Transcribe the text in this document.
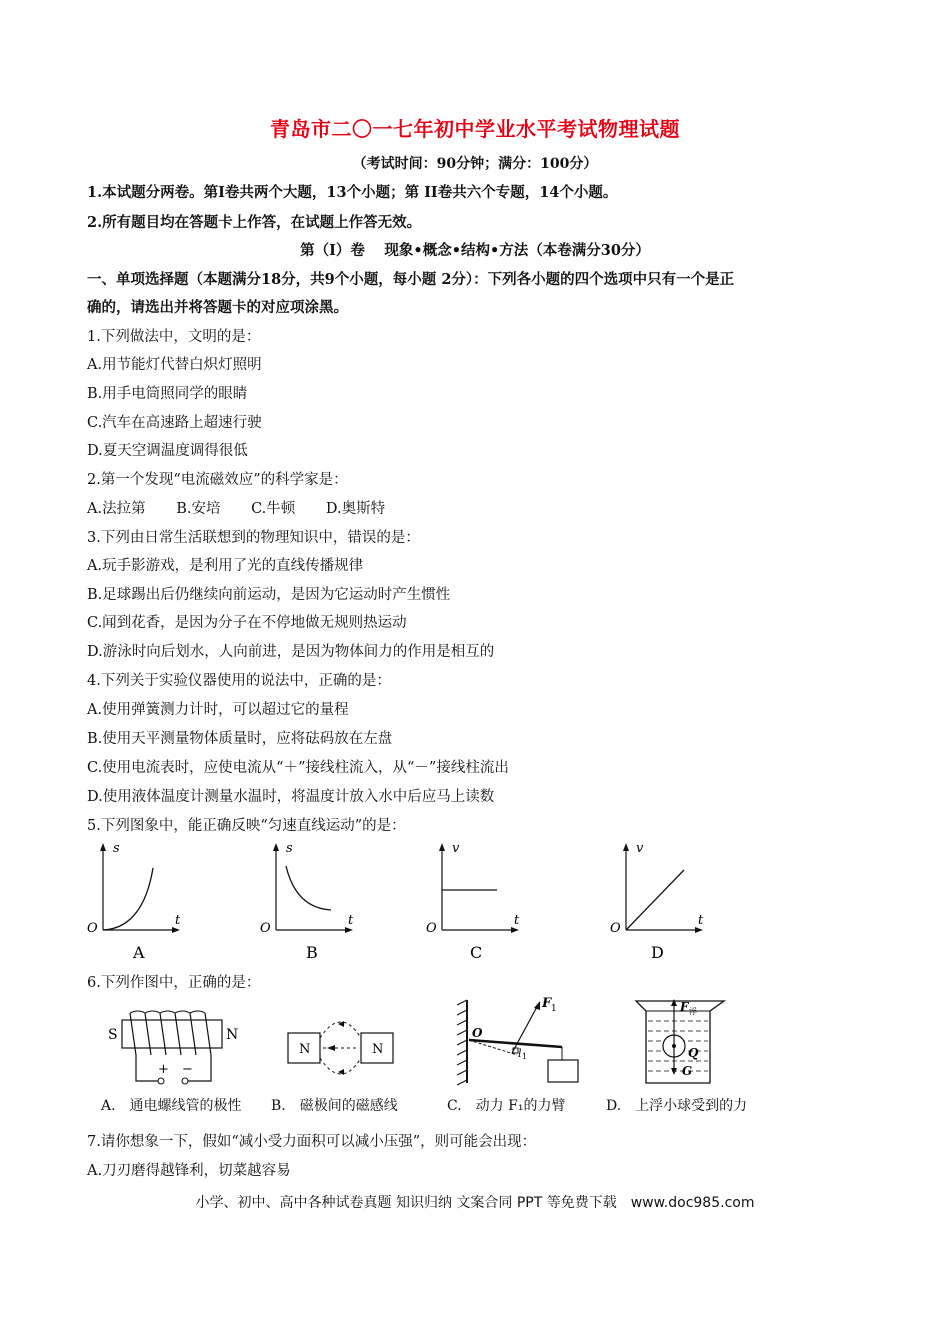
青岛市二〇一七年初中学业水平考试物理试题
（考试时间：90分钟；满分：100分）
1.本试题分两卷。第Ⅰ卷共两个大题，13个小题；第 II卷共六个专题，14个小题。
2.所有题目均在答题卡上作答，在试题上作答无效。
第（Ⅰ）卷　 现象•概念•结构•方法（本卷满分30分）
一、单项选择题（本题满分18分，共9个小题，每小题 2分）：下列各小题的四个选项中只有一个是正
确的，请选出并将答题卡的对应项涂黑。
1.下列做法中，文明的是：
A.用节能灯代替白炽灯照明
B.用手电筒照同学的眼睛
C.汽车在高速路上超速行驶
D.夏天空调温度调得很低
2.第一个发现“电流磁效应”的科学家是：
A.法拉第 B.安培 C.牛顿 D.奥斯特
3.下列由日常生活联想到的物理知识中，错误的是：
A.玩手影游戏，是利用了光的直线传播规律
B.足球踢出后仍继续向前运动，是因为它运动时产生惯性
C.闻到花香，是因为分子在不停地做无规则热运动
D.游泳时向后划水，人向前进，是因为物体间力的作用是相互的
4.下列关于实验仪器使用的说法中，正确的是：
A.使用弹簧测力计时，可以超过它的量程
B.使用天平测量物体质量时，应将砝码放在左盘
C.使用电流表时，应使电流从“＋”接线柱流入，从“－”接线柱流出
D.使用液体温度计测量水温时，将温度计放入水中后应马上读数
5.下列图象中，能正确反映“匀速直线运动”的是：
s
t
O
A
s
t
O
B
v
t
O
C
v
t
O
D
6.下列作图中，正确的是：
S	N
+ −
N	N
F 1
O
l 1
F 浮
Q
G
A.　通电螺线管的极性 B.　磁极间的磁感线	C.　动力 F₁的力臂	D.　上浮小球受到的力
7.请你想象一下，假如“减小受力面积可以减小压强”，则可能会出现：
A.刀刃磨得越锋利，切菜越容易
小学、初中、高中各种试卷真题 知识归纳 文案合同 PPT 等免费下载　www.doc985.com
